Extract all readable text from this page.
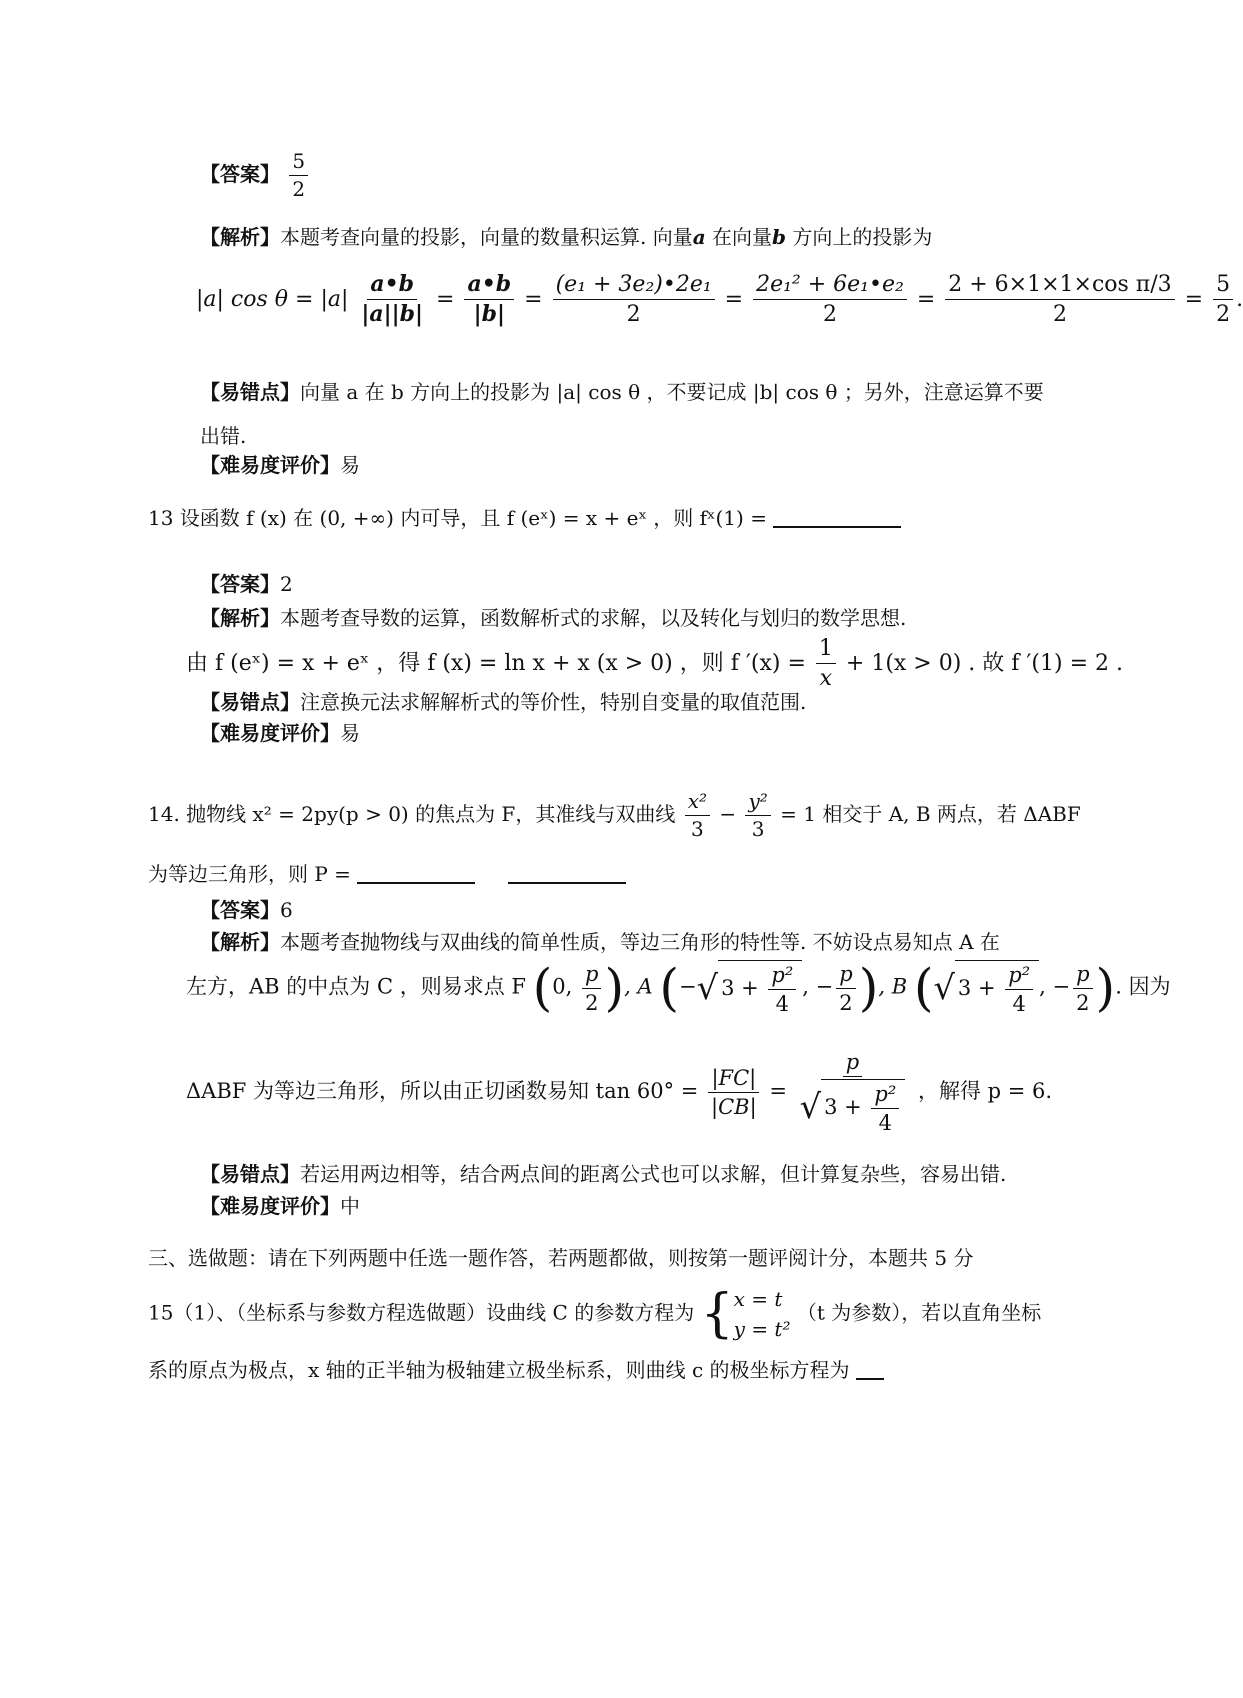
【答案】 $\frac{5}{2}$
【解析】本题考查向量的投影，向量的数量积运算. 向量a 在向量b 方向上的投影为
|a| $\cos \theta = |a| \frac{a•b}{|a||b|} = \frac{a•b}{|b|} = \frac{\text{(e₁ + 3e₂)•2e₁}}{2} = \frac{\text{2e₁² + 6e₁•e₂}}{2} = \frac{\text{2 + 6×1×1×cos π/3}}{2} = \frac{5}{2}$ .
【易错点】向量 a 在 b 方向上的投影为 |a| cos θ ，不要记成 |b| cos θ ；另外，注意运算不要
出错.
【难易度评价】易
13 设函数 f (x) 在 (0, +∞) 内可导，且 f (eˣ) = x + eˣ ，则 fˣ(1) =
【答案】2
【解析】本题考查导数的运算，函数解析式的求解，以及转化与划归的数学思想.
由 f (eˣ) = x + eˣ ，得 f (x) = ln x + x (x > 0) ，则 f $'(x) = \frac{1}{x} + 1(x > 0)$ . 故 f ′(1) = 2 .
【易错点】注意换元法求解解析式的等价性，特别自变量的取值范围.
【难易度评价】易
14. 抛物线 x² = 2py(p > 0) 的焦点为 F，其准线与双曲线 $\frac{\text{x²}}{3} - \frac{\text{y²}}{3} = 1$ 相交于 A, B 两点，若 ΔABF
为等边三角形，则 P =
【答案】6
【解析】本题考查抛物线与双曲线的简单性质，等边三角形的特性等. 不妨设点易知点 A 在
左方，AB 的中点为 C ，则易求点 F (0, $\frac{p}{2}$ ), A (− √ $3 + \frac{\text{p²}}{4}$ , − $\frac{p}{2}$ ), B ( √ $3 + \frac{\text{p²}}{4}$ , − $\frac{p}{2}$ ). 因为
ΔABF 为等边三角形，所以由正切函数易知 $\tan 60^\circ = \frac{|FC|}{|CB|} = \frac{p}{√ 3 + \frac{\text{p²}}{4}}$ ，解得 p = 6.
【易错点】若运用两边相等，结合两点间的距离公式也可以求解，但计算复杂些，容易出错.
【难易度评价】中
三、选做题：请在下列两题中任选一题作答，若两题都做，则按第一题评阅计分，本题共 5 分
15（1）、（坐标系与参数方程选做题）设曲线 C 的参数方程为 { x = t
y = t²
（t 为参数），若以直角坐标
系的原点为极点，x 轴的正半轴为极轴建立极坐标系，则曲线 c 的极坐标方程为
